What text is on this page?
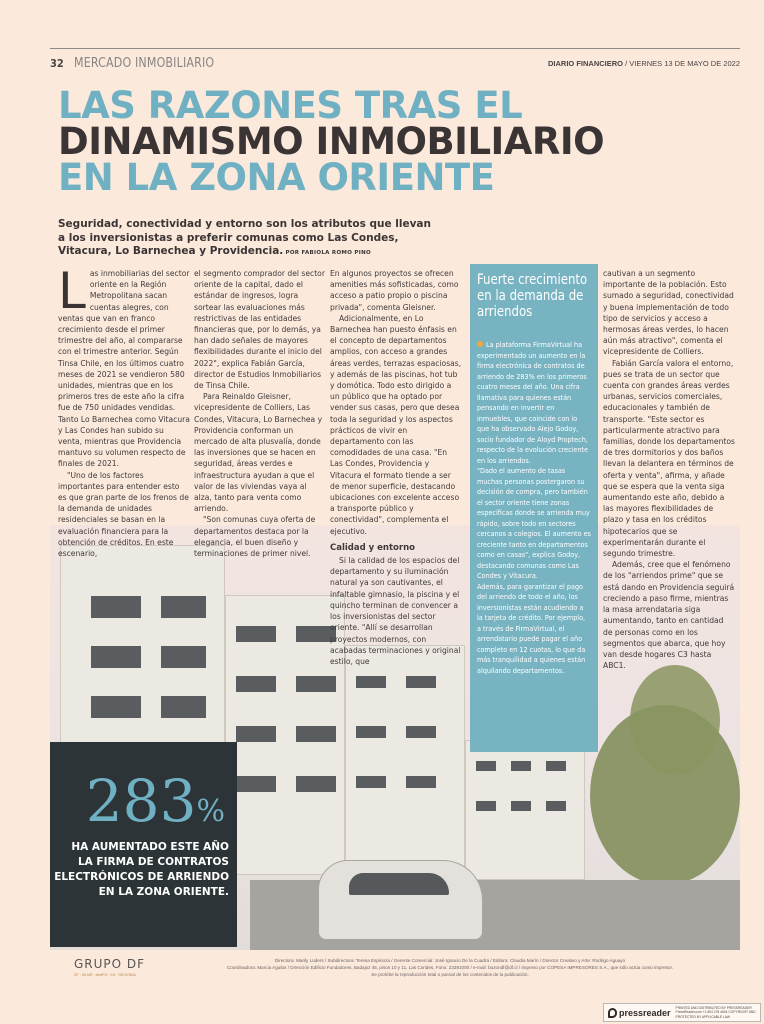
32 MERCADO INMOBILIARIO	DIARIO FINANCIERO / VIERNES 13 DE MAYO DE 2022
LAS RAZONES TRAS EL
DINAMISMO INMOBILIARIO
EN LA ZONA ORIENTE
Seguridad, conectividad y entorno son los atributos que llevan a los inversionistas a preferir comunas como Las Condes, Vitacura, Lo Barnechea y Providencia. POR FABIOLA ROMO PINO

Las inmobiliarias del sector oriente en la Región Metropolitana sacan cuentas alegres, con ventas que van en franco crecimiento desde el primer trimestre del año, al compararse con el trimestre anterior. Según Tinsa Chile, en los últimos cuatro meses de 2021 se vendieron 580 unidades, mientras que en los primeros tres de este año la cifra fue de 750 unidades vendidas. Tanto Lo Barnechea como Vitacura y Las Condes han subido su venta, mientras que Providencia mantuvo su volumen respecto de finales de 2021.

"Uno de los factores importantes para entender esto es que gran parte de los frenos de la demanda de unidades residenciales se basan en la evaluación financiera para la obtención de créditos. En este escenario,

el segmento comprador del sector oriente de la capital, dado el estándar de ingresos, logra sortear las evaluaciones más restrictivas de las entidades financieras que, por lo demás, ya han dado señales de mayores flexibilidades durante el inicio del 2022", explica Fabián García, director de Estudios Inmobiliarios de Tinsa Chile.

Para Reinaldo Gleisner, vicepresidente de Colliers, Las Condes, Vitacura, Lo Barnechea y Providencia conforman un mercado de alta plusvalía, donde las inversiones que se hacen en seguridad, áreas verdes e infraestructura ayudan a que el valor de las viviendas vaya al alza, tanto para venta como arriendo.

"Son comunas cuya oferta de departamentos destaca por la elegancia, el buen diseño y terminaciones de primer nivel.

En algunos proyectos se ofrecen amenities más sofisticadas, como acceso a patio propio o piscina privada", comenta Gleisner.

Adicionalmente, en Lo Barnechea han puesto énfasis en el concepto de departamentos amplios, con acceso a grandes áreas verdes, terrazas espaciosas, y además de las piscinas, hot tub y domótica. Todo esto dirigido a un público que ha optado por vender sus casas, pero que desea toda la seguridad y los aspectos prácticos de vivir en departamento con las comodidades de una casa. "En Las Condes, Providencia y Vitacura el formato tiende a ser de menor superficie, destacando ubicaciones con excelente acceso a transporte público y conectividad", complementa el ejecutivo.

Calidad y entorno

Si la calidad de los espacios del departamento y su iluminación natural ya son cautivantes, el infaltable gimnasio, la piscina y el quincho terminan de convencer a los inversionistas del sector oriente. "Allí se desarrollan proyectos modernos, con acabadas terminaciones y original estilo, que

Fuerte crecimiento en la demanda de arriendos

La plataforma FirmaVirtual ha experimentado un aumento en la firma electrónica de contratos de arriendo de 283% en los primeros cuatro meses del año. Una cifra llamativa para quienes están pensando en invertir en inmuebles, que coincide con lo que ha observado Alejo Godoy, socio fundador de Aloyd Proptech, respecto de la evolución creciente en los arriendos.

"Dado el aumento de tasas muchas personas postergaron su decisión de compra, pero también el sector oriente tiene zonas específicas donde se arrienda muy rápido, sobre todo en sectores cercanos a colegios. El aumento es creciente tanto en departamentos como en casas", explica Godoy, destacando comunas como Las Condes y Vitacura.

Además, para garantizar el pago del arriendo de todo el año, los inversionistas están acudiendo a la tarjeta de crédito. Por ejemplo, a través de FirmaVirtual, el arrendatario puede pagar el año completo en 12 cuotas, lo que da más tranquilidad a quienes están alquilando departamentos.

cautivan a un segmento importante de la población. Esto sumado a seguridad, conectividad y buena implementación de todo tipo de servicios y acceso a hermosas áreas verdes, lo hacen aún más atractivo", comenta el vicepresidente de Colliers.

Fabián García valora el entorno, pues se trata de un sector que cuenta con grandes áreas verdes urbanas, servicios comerciales, educacionales y también de transporte. "Este sector es particularmente atractivo para familias, donde los departamentos de tres dormitorios y dos baños llevan la delantera en términos de oferta y venta", afirma, y añade que se espera que la venta siga aumentando este año, debido a las mayores flexibilidades de plazo y tasa en los créditos hipotecarios que se experimentarán durante el segundo trimestre.

Además, cree que el fenómeno de los "arriendos prime" que se está dando en Providencia seguirá creciendo a paso firme, mientras la masa arrendataria siga aumentando, tanto en cantidad de personas como en los segmentos que abarca, que hoy van desde hogares C3 hasta ABC1.

283%
HA AUMENTADO ESTE AÑO LA FIRMA DE CONTRATOS ELECTRÓNICOS DE ARRIENDO EN LA ZONA ORIENTE.
GRUPO DF
DF · WLMR · ebMPG · ED · REGIONAL
Directora: Marily Lüders / Subdirectora: Teresa Espinoza / Gerente Comercial: José Ignacio De la Cuadra / Editora: Claudia Marín / Director Creativo y Arte: Rodrigo Aguayo
Coordinadora: Marcia Aguilar / Dirección Edificio Fundadores, Badajoz 45, pisos 10 y 11, Las Condes, Fono: 23391000 / e-mail: buzondf@df.cl / Impreso por COPESA IMPRESORES S.A., que sólo actúa como impresor.
Se prohíbe la reproducción total o parcial de los contenidos de la publicación.
pressreader PRINTED AND DISTRIBUTED BY PRESSREADER PressReader.com +1 604 278 4604 COPYRIGHT AND PROTECTED BY APPLICABLE LAW
